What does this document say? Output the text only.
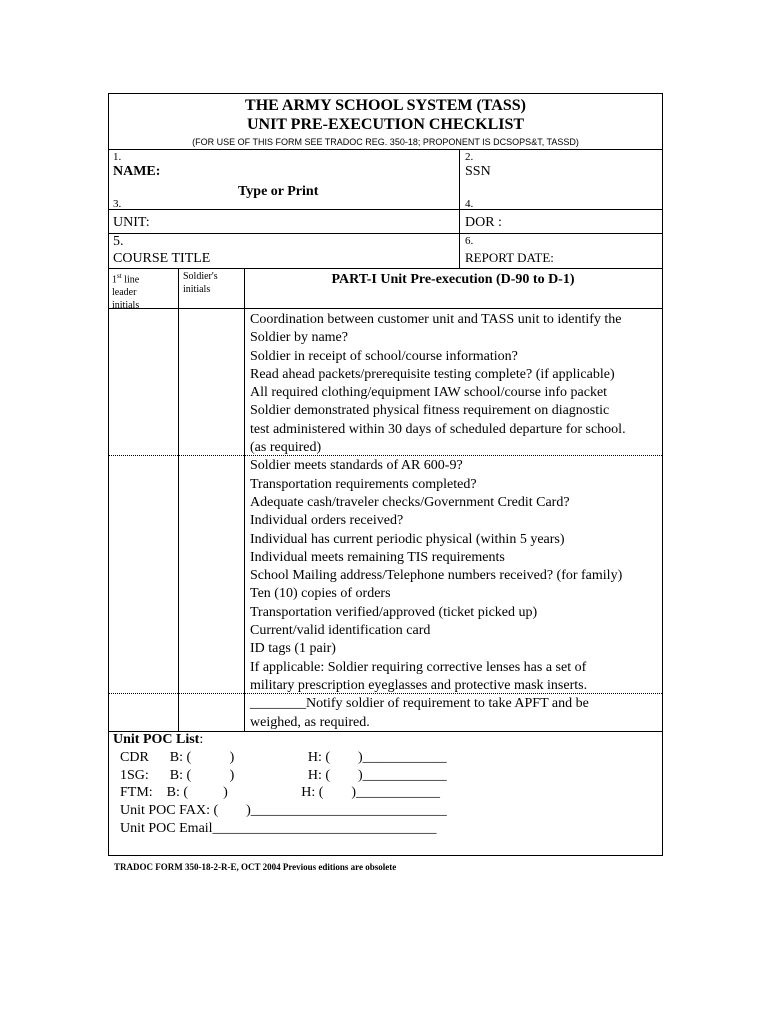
THE ARMY SCHOOL SYSTEM (TASS)
UNIT PRE-EXECUTION CHECKLIST
(FOR USE OF THIS FORM SEE TRADOC REG. 350-18; PROPONENT IS DCSOPS&T, TASSD)
1.
NAME:
2.
SSN
Type or Print
3.
UNIT:
4.
DOR :
5.
COURSE TITLE
6.
REPORT DATE:
1st line
leader
initials
Soldier's
initials
PART-I Unit Pre-execution (D-90 to D-1)
Coordination between customer unit and TASS unit to identify the
Soldier by name?
Soldier in receipt of school/course information?
Read ahead packets/prerequisite testing complete? (if applicable)
All required clothing/equipment IAW school/course info packet
Soldier demonstrated physical fitness requirement on diagnostic
test administered within 30 days of scheduled departure for school.
(as required)
Soldier meets standards of AR 600-9?
Transportation requirements completed?
Adequate cash/traveler checks/Government Credit Card?
Individual orders received?
Individual has current periodic physical (within 5 years)
Individual meets remaining TIS requirements
School Mailing address/Telephone numbers received? (for family)
Ten (10) copies of orders
Transportation verified/approved (ticket picked up)
Current/valid identification card
ID tags (1 pair)
If applicable: Soldier requiring corrective lenses has a set of
military prescription eyeglasses and protective mask inserts.
________Notify soldier of requirement to take APFT and be
weighed, as required.
Unit POC List:
CDR      B: (           )                     H: (        )____________
1SG:      B: (           )                     H: (        )____________
FTM:    B: (          )                     H: (        )____________
Unit POC FAX: (        )____________________________
Unit POC Email________________________________
TRADOC FORM 350-18-2-R-E, OCT 2004 Previous editions are obsolete
